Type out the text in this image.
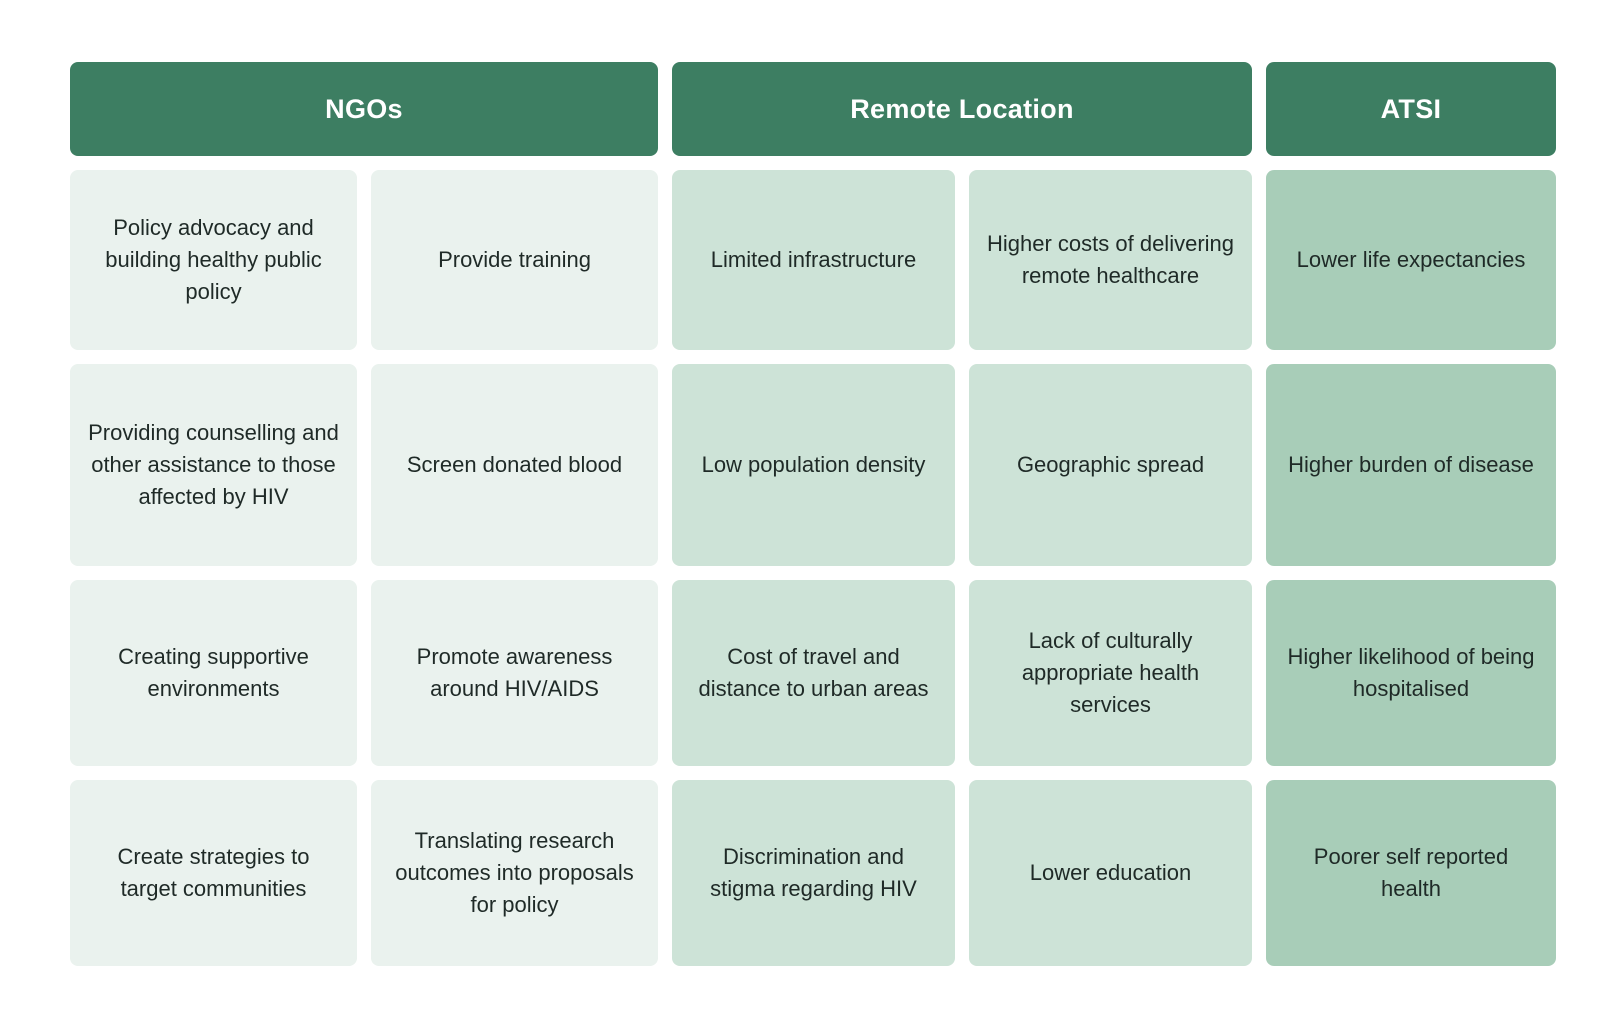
NGOs
Policy advocacy and building healthy public policy
Providing counselling and other assistance to those affected by HIV
Creating supportive environments
Create strategies to target communities
Provide training
Screen donated blood
Promote awareness around HIV/AIDS
Translating research outcomes into proposals for policy
Remote Location
Limited infrastructure
Low population density
Cost of travel and distance to urban areas
Discrimination and stigma regarding HIV
Higher costs of delivering remote healthcare
Geographic spread
Lack of culturally appropriate health services
Lower education
ATSI
Lower life expectancies
Higher burden of disease
Higher likelihood of being hospitalised
Poorer self reported health
